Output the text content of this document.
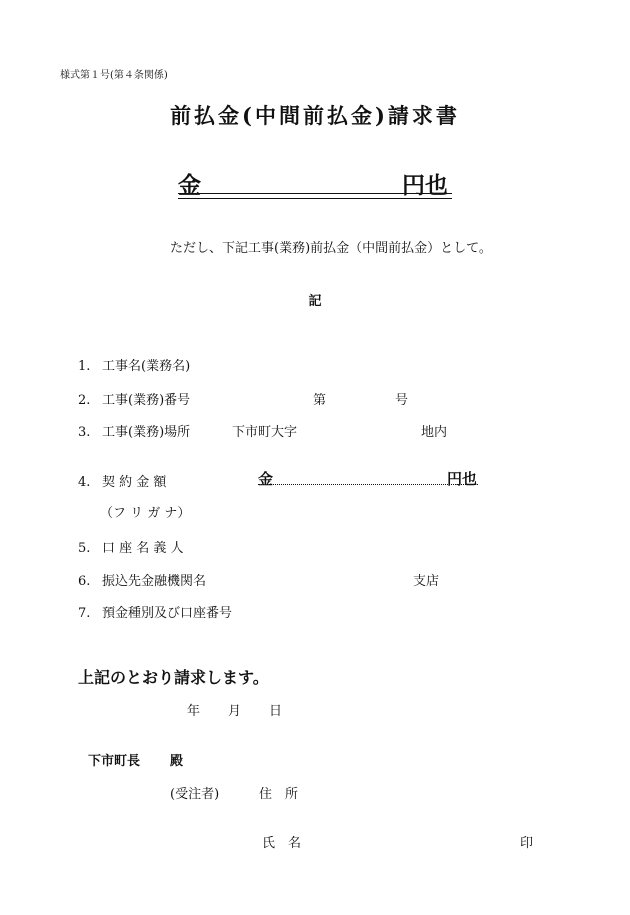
様式第１号(第４条関係)
前払金(中間前払金)請求書
金	円也
ただし、下記工事(業務)前払金（中間前払金）として。
記
1. 工事名(業務名)
2. 工事(業務)番号	第	号
3. 工事(業務)場所	下市町大字	地内
4. 契 約 金 額	金	円也
（フ リ ガ ナ）
5. 口 座 名 義 人
6. 振込先金融機関名	支店
7. 預金種別及び口座番号
上記のとおり請求します。
年 月 日
下市町長 殿
(受注者)	住　所
氏　名	印
